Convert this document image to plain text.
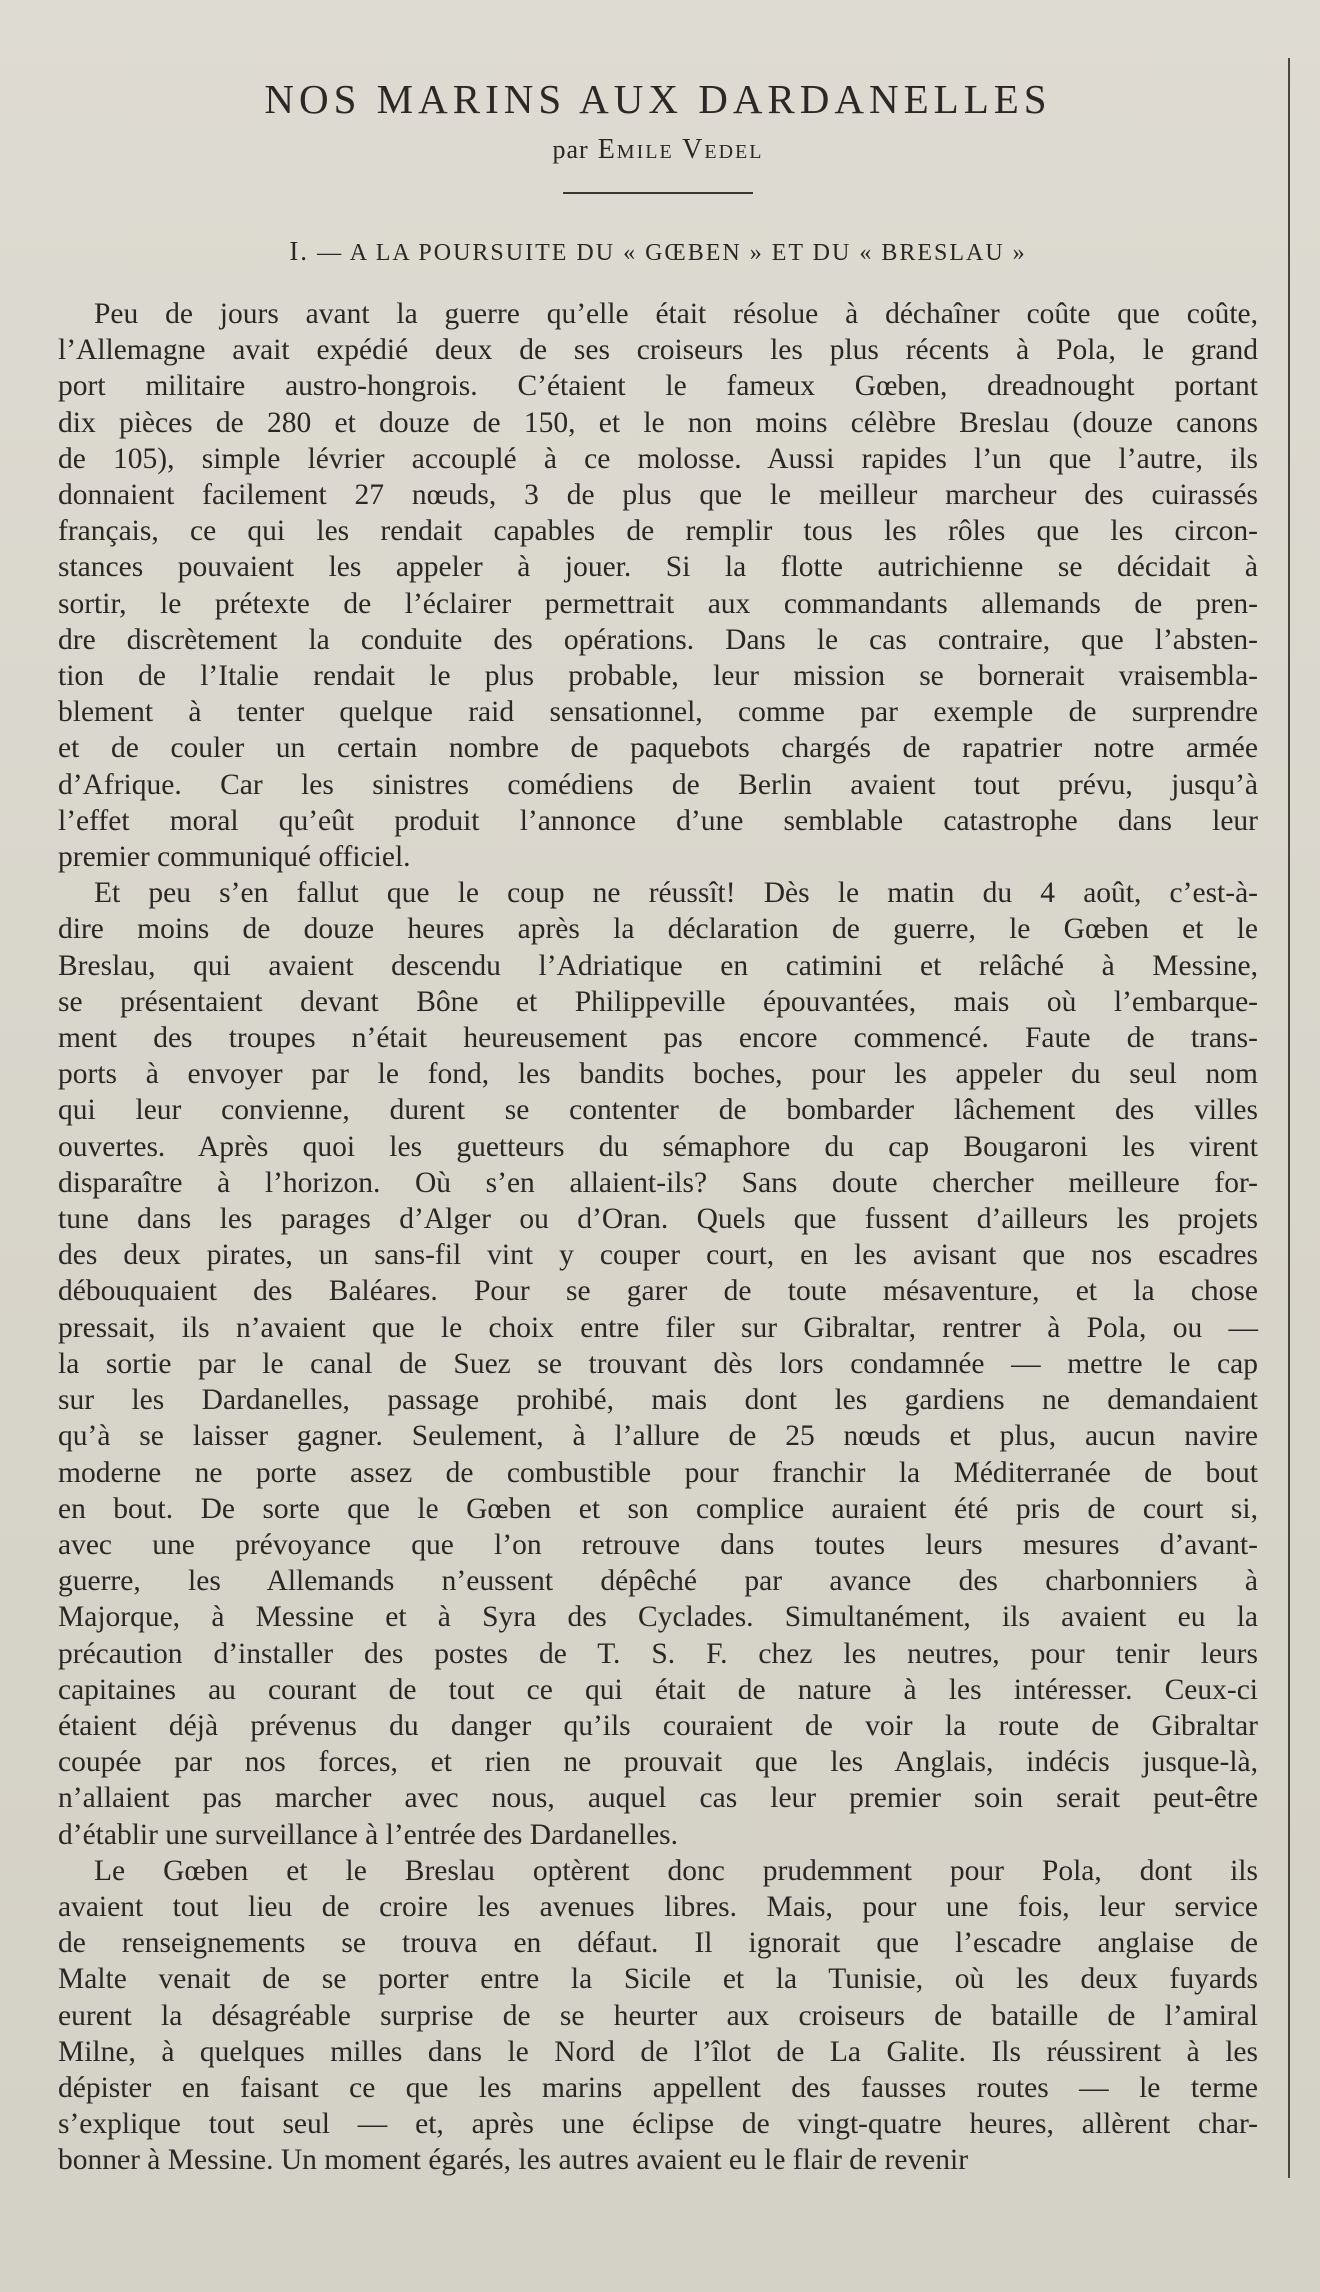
NOS MARINS AUX DARDANELLES
par Emile Vedel
I. — A LA POURSUITE DU « GŒBEN » ET DU « BRESLAU »

Peu de jours avant la guerre qu’elle était résolue à déchaîner coûte que coûte,
l’Allemagne avait expédié deux de ses croiseurs les plus récents à Pola, le grand
port militaire austro-hongrois. C’étaient le fameux Gœben, dreadnought portant
dix pièces de 280 et douze de 150, et le non moins célèbre Breslau (douze canons
de 105), simple lévrier accouplé à ce molosse. Aussi rapides l’un que l’autre, ils
donnaient facilement 27 nœuds, 3 de plus que le meilleur marcheur des cuirassés
français, ce qui les rendait capables de remplir tous les rôles que les circon-
stances pouvaient les appeler à jouer. Si la flotte autrichienne se décidait à
sortir, le prétexte de l’éclairer permettrait aux commandants allemands de pren-
dre discrètement la conduite des opérations. Dans le cas contraire, que l’absten-
tion de l’Italie rendait le plus probable, leur mission se bornerait vraisembla-
blement à tenter quelque raid sensationnel, comme par exemple de surprendre
et de couler un certain nombre de paquebots chargés de rapatrier notre armée
d’Afrique. Car les sinistres comédiens de Berlin avaient tout prévu, jusqu’à
l’effet moral qu’eût produit l’annonce d’une semblable catastrophe dans leur
premier communiqué officiel.

Et peu s’en fallut que le coup ne réussît! Dès le matin du 4 août, c’est-à-
dire moins de douze heures après la déclaration de guerre, le Gœben et le
Breslau, qui avaient descendu l’Adriatique en catimini et relâché à Messine,
se présentaient devant Bône et Philippeville épouvantées, mais où l’embarque-
ment des troupes n’était heureusement pas encore commencé. Faute de trans-
ports à envoyer par le fond, les bandits boches, pour les appeler du seul nom
qui leur convienne, durent se contenter de bombarder lâchement des villes
ouvertes. Après quoi les guetteurs du sémaphore du cap Bougaroni les virent
disparaître à l’horizon. Où s’en allaient-ils? Sans doute chercher meilleure for-
tune dans les parages d’Alger ou d’Oran. Quels que fussent d’ailleurs les projets
des deux pirates, un sans-fil vint y couper court, en les avisant que nos escadres
débouquaient des Baléares. Pour se garer de toute mésaventure, et la chose
pressait, ils n’avaient que le choix entre filer sur Gibraltar, rentrer à Pola, ou —
la sortie par le canal de Suez se trouvant dès lors condamnée — mettre le cap
sur les Dardanelles, passage prohibé, mais dont les gardiens ne demandaient
qu’à se laisser gagner. Seulement, à l’allure de 25 nœuds et plus, aucun navire
moderne ne porte assez de combustible pour franchir la Méditerranée de bout
en bout. De sorte que le Gœben et son complice auraient été pris de court si,
avec une prévoyance que l’on retrouve dans toutes leurs mesures d’avant-
guerre, les Allemands n’eussent dépêché par avance des charbonniers à
Majorque, à Messine et à Syra des Cyclades. Simultanément, ils avaient eu la
précaution d’installer des postes de T. S. F. chez les neutres, pour tenir leurs
capitaines au courant de tout ce qui était de nature à les intéresser. Ceux-ci
étaient déjà prévenus du danger qu’ils couraient de voir la route de Gibraltar
coupée par nos forces, et rien ne prouvait que les Anglais, indécis jusque-là,
n’allaient pas marcher avec nous, auquel cas leur premier soin serait peut-être
d’établir une surveillance à l’entrée des Dardanelles.

Le Gœben et le Breslau optèrent donc prudemment pour Pola, dont ils
avaient tout lieu de croire les avenues libres. Mais, pour une fois, leur service
de renseignements se trouva en défaut. Il ignorait que l’escadre anglaise de
Malte venait de se porter entre la Sicile et la Tunisie, où les deux fuyards
eurent la désagréable surprise de se heurter aux croiseurs de bataille de l’amiral
Milne, à quelques milles dans le Nord de l’îlot de La Galite. Ils réussirent à les
dépister en faisant ce que les marins appellent des fausses routes — le terme
s’explique tout seul — et, après une éclipse de vingt-quatre heures, allèrent char-
bonner à Messine. Un moment égarés, les autres avaient eu le flair de revenir
